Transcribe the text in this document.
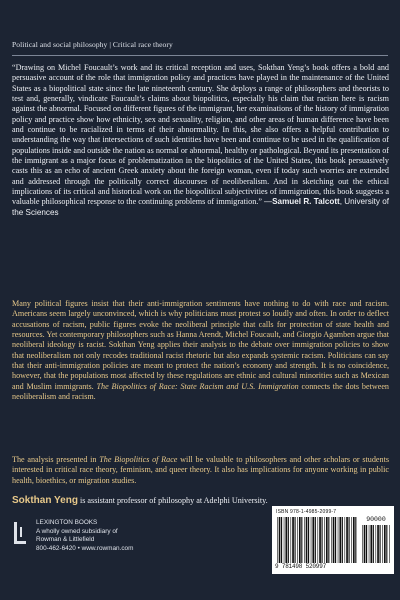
Political and social philosophy | Critical race theory

“Drawing on Michel Foucault’s work and its critical reception and uses, Sokthan Yeng’s book offers a bold and persuasive account of the role that immigration policy and practices have played in the maintenance of the United States as a biopolitical state since the late nineteenth century. She deploys a range of philosophers and theorists to test and, generally, vindicate Foucault’s claims about biopolitics, especially his claim that racism here is racism against the abnormal. Focused on different figures of the immigrant, her examinations of the history of immigration policy and practice show how ethnicity, sex and sexuality, religion, and other areas of human difference have been and continue to be racialized in terms of their abnormality. In this, she also offers a helpful contribution to understanding the way that intersections of such identities have been and continue to be used in the qualification of populations inside and outside the nation as normal or abnormal, healthy or pathological. Beyond its presentation of the immigrant as a major focus of problematization in the biopolitics of the United States, this book persuasively casts this as an echo of ancient Greek anxiety about the foreign woman, even if today such worries are extended and addressed through the politically correct discourses of neoliberalism. And in sketching out the ethical implications of its critical and historical work on the biopolitical subjectivities of immigration, this book suggests a valuable philosophical response to the continuing problems of immigration.” —Samuel R. Talcott, University of the Sciences

Many political figures insist that their anti-immigration sentiments have nothing to do with race and racism. Americans seem largely unconvinced, which is why politicians must protest so loudly and often. In order to deflect accusations of racism, public figures evoke the neoliberal principle that calls for protection of state health and resources. Yet contemporary philosophers such as Hanna Arendt, Michel Foucault, and Giorgio Agamben argue that neoliberal ideology is racist. Sokthan Yeng applies their analysis to the debate over immigration policies to show that neoliberalism not only recodes traditional racist rhetoric but also expands systemic racism. Politicians can say that their anti-immigration policies are meant to protect the nation’s economy and strength. It is no coincidence, however, that the populations most affected by these regulations are ethnic and cultural minorities such as Mexican and Muslim immigrants. The Biopolitics of Race: State Racism and U.S. Immigration connects the dots between neoliberalism and racism.

The analysis presented in The Biopolitics of Race will be valuable to philosophers and other scholars or students interested in critical race theory, feminism, and queer theory. It also has implications for anyone working in public health, bioethics, or migration studies.

Sokthan Yeng is assistant professor of philosophy at Adelphi University.

LEXINGTON BOOKS
A wholly owned subsidiary of
Rowman & Littlefield
800-462-6420 • www.rowman.com
ISBN 978-1-4985-2099-7
90000
9 781498 520997
